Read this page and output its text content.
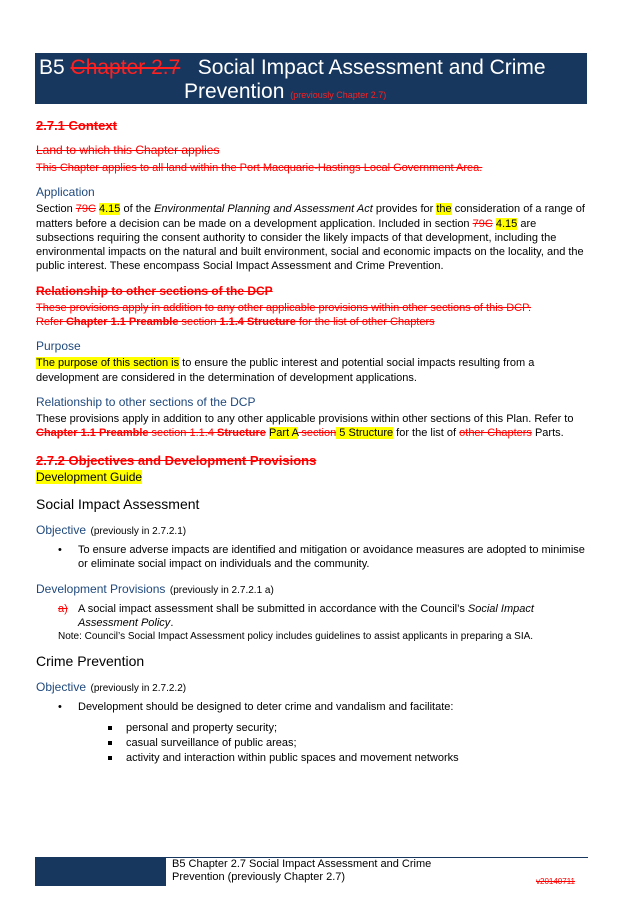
B5 Chapter 2.7 Social Impact Assessment and Crime
Prevention (previously Chapter 2.7)
2.7.1 Context
Land to which this Chapter applies

This Chapter applies to all land within the Port Macquarie-Hastings Local Government Area.

Application

Section 79C 4.15 of the Environmental Planning and Assessment Act provides for the consideration of a range of matters before a decision can be made on a development application. Included in section 79C 4.15 are subsections requiring the consent authority to consider the likely impacts of that development, including the environmental impacts on the natural and built environment, social and economic impacts on the locality, and the public interest. These encompass Social Impact Assessment and Crime Prevention.

Relationship to other sections of the DCP

These provisions apply in addition to any other applicable provisions within other sections of this DCP.
Refer Chapter 1.1 Preamble section 1.1.4 Structure for the list of other Chapters

Purpose

The purpose of this section is to ensure the public interest and potential social impacts resulting from a development are considered in the determination of development applications.

Relationship to other sections of the DCP

These provisions apply in addition to any other applicable provisions within other sections of this Plan. Refer to Chapter 1.1 Preamble section 1.1.4 Structure Part A section 5 Structure for the list of other Chapters Parts.

2.7.2 Objectives and Development Provisions
Development Guide
Social Impact Assessment
Objective (previously in 2.7.2.1)
• To ensure adverse impacts are identified and mitigation or avoidance measures are adopted to minimise or eliminate social impact on individuals and the community.
Development Provisions (previously in 2.7.2.1 a)
a) A social impact assessment shall be submitted in accordance with the Council’s Social Impact Assessment Policy.
Note: Council’s Social Impact Assessment policy includes guidelines to assist applicants in preparing a SIA.
Crime Prevention
Objective (previously in 2.7.2.2)
• Development should be designed to deter crime and vandalism and facilitate:
personal and property security;
casual surveillance of public areas;
activity and interaction within public spaces and movement networks
B5 Chapter 2.7 Social Impact Assessment and Crime
Prevention (previously Chapter 2.7)	v20140711
